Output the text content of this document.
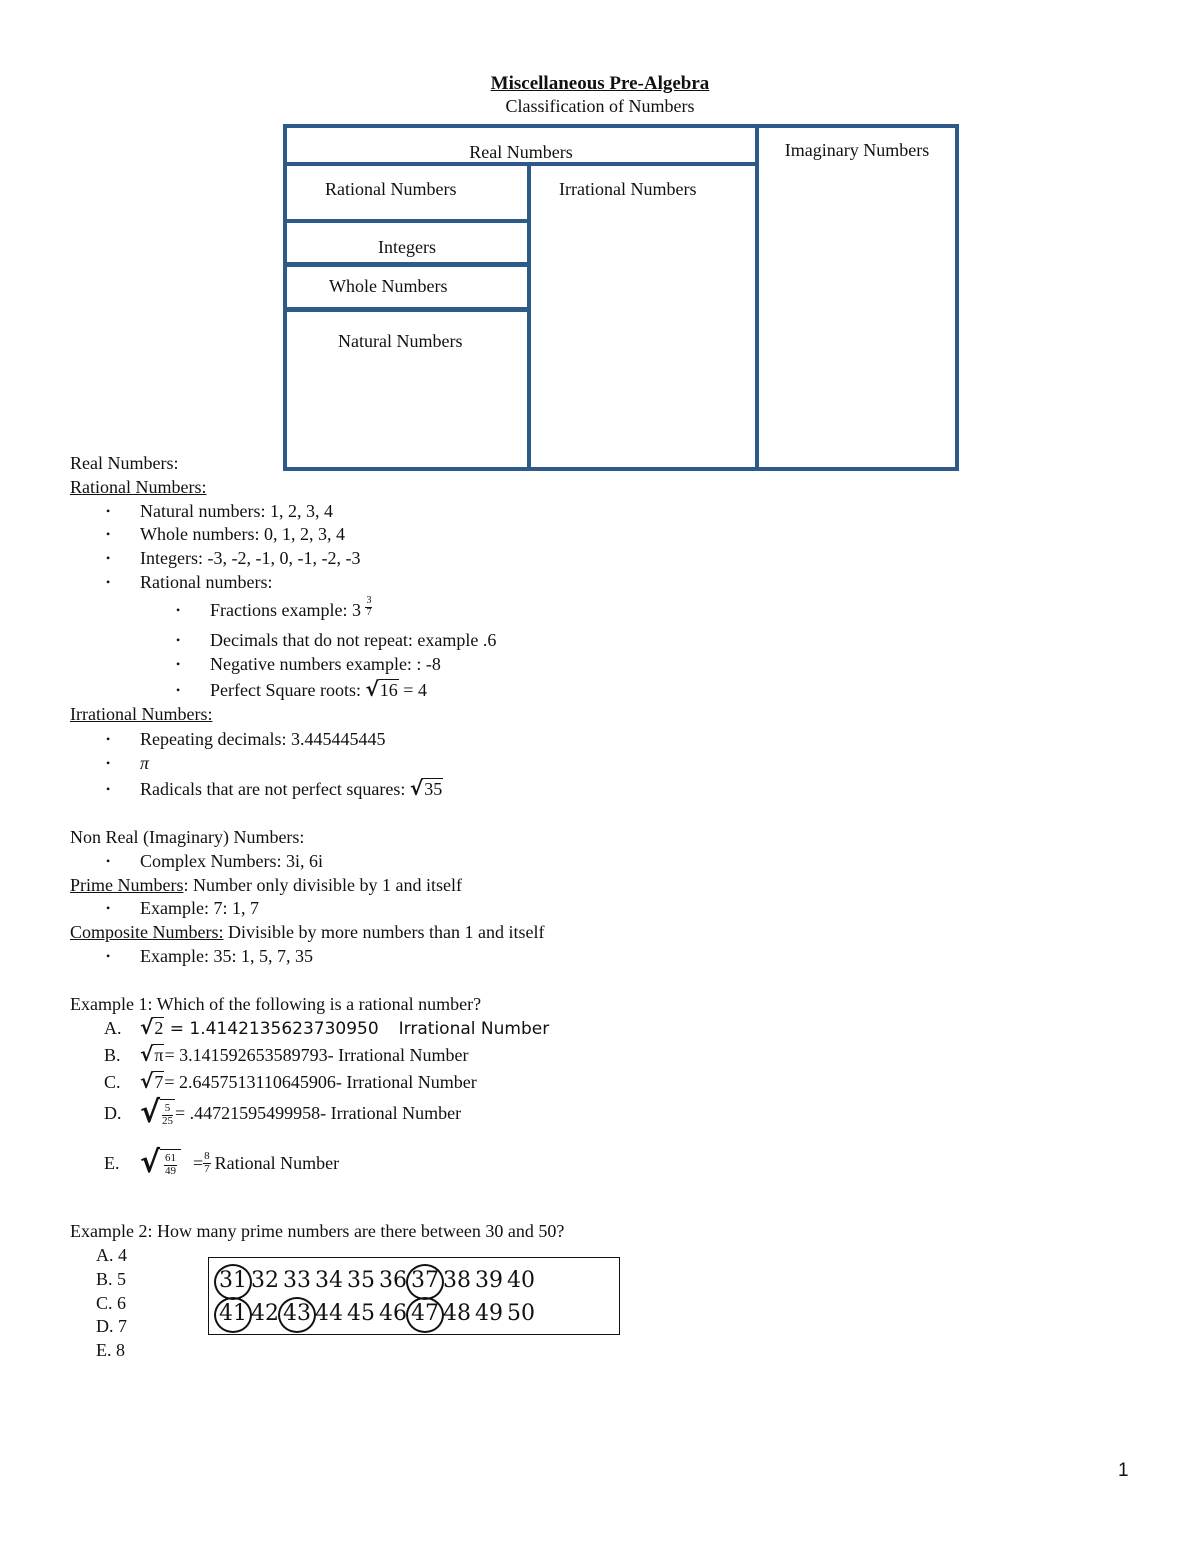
Miscellaneous Pre-Algebra
Classification of Numbers
Real Numbers	Imaginary Numbers
Rational Numbers	Irrational Numbers
Integers
Whole Numbers
Natural Numbers
Real Numbers:
Rational Numbers:
• Natural numbers: 1, 2, 3, 4
• Whole numbers: 0, 1, 2, 3, 4
• Integers: -3, -2, -1, 0, -1, -2, -3
• Rational numbers:
• Fractions example: $3 \frac{3}{7}$
• Decimals that do not repeat: example .6
• Negative numbers example: : -8
• Perfect Square roots: √16 = 4
Irrational Numbers:
• Repeating decimals: 3.445445445
• π
• Radicals that are not perfect squares: √35
Non Real (Imaginary) Numbers:
• Complex Numbers: 3i, 6i
Prime Numbers: Number only divisible by 1 and itself
• Example: 7: 1, 7
Composite Numbers: Divisible by more numbers than 1 and itself
• Example: 35: 1, 5, 7, 35
Example 1: Which of the following is a rational number?
A. √2 = 1.4142135623730950 Irrational Number
B. √π= 3.141592653589793- Irrational Number
C. √7= 2.6457513110645906- Irrational Number
D. √ $\frac{5}{25} = .44721595499958-$ Irrational Number
E. √ $\frac{61}{49} = \frac{8}{7}$ Rational Number
Example 2: How many prime numbers are there between 30 and 50?
A. 4
B. 5
C. 6
D. 7
E. 8
31 32 33 34 35 36 37 38 39 40
41 42 43 44 45 46 47 48 49 50
1
